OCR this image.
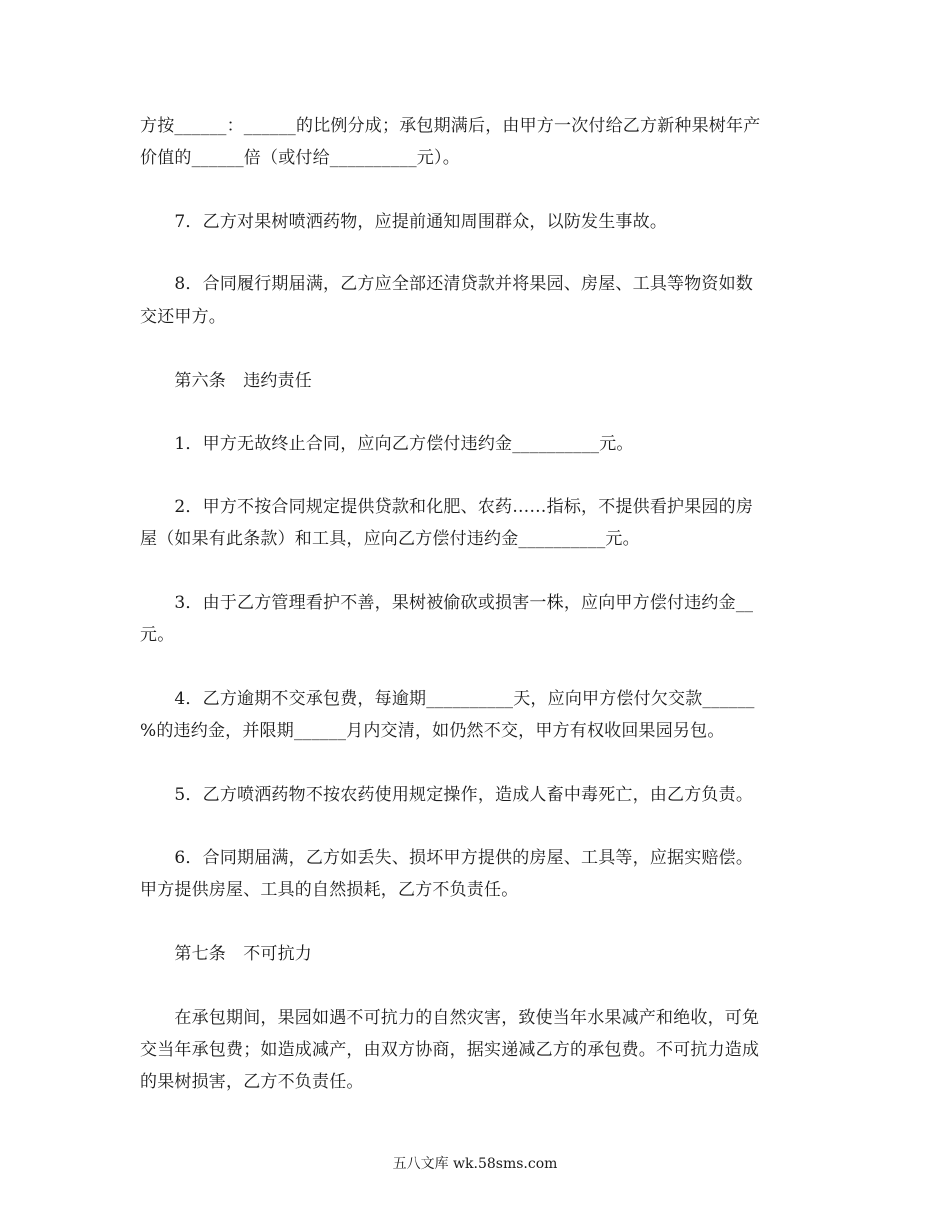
方按______：______的比例分成；承包期满后，由甲方一次付给乙方新种果树年产
价值的______倍（或付给__________元）。
　　7．乙方对果树喷洒药物，应提前通知周围群众，以防发生事故。
　　8．合同履行期届满，乙方应全部还清贷款并将果园、房屋、工具等物资如数
交还甲方。
　　第六条　违约责任
　　1．甲方无故终止合同，应向乙方偿付违约金__________元。
　　2．甲方不按合同规定提供贷款和化肥、农药……指标，不提供看护果园的房
屋（如果有此条款）和工具，应向乙方偿付违约金__________元。
　　3．由于乙方管理看护不善，果树被偷砍或损害一株，应向甲方偿付违约金__
元。
　　4．乙方逾期不交承包费，每逾期__________天，应向甲方偿付欠交款______
%的违约金，并限期______月内交清，如仍然不交，甲方有权收回果园另包。
　　5．乙方喷洒药物不按农药使用规定操作，造成人畜中毒死亡，由乙方负责。
　　6．合同期届满，乙方如丢失、损坏甲方提供的房屋、工具等，应据实赔偿。
甲方提供房屋、工具的自然损耗，乙方不负责任。
　　第七条　不可抗力
　　在承包期间，果园如遇不可抗力的自然灾害，致使当年水果减产和绝收，可免
交当年承包费；如造成减产，由双方协商，据实递减乙方的承包费。不可抗力造成
的果树损害，乙方不负责任。
五八文库 wk.58sms.com
